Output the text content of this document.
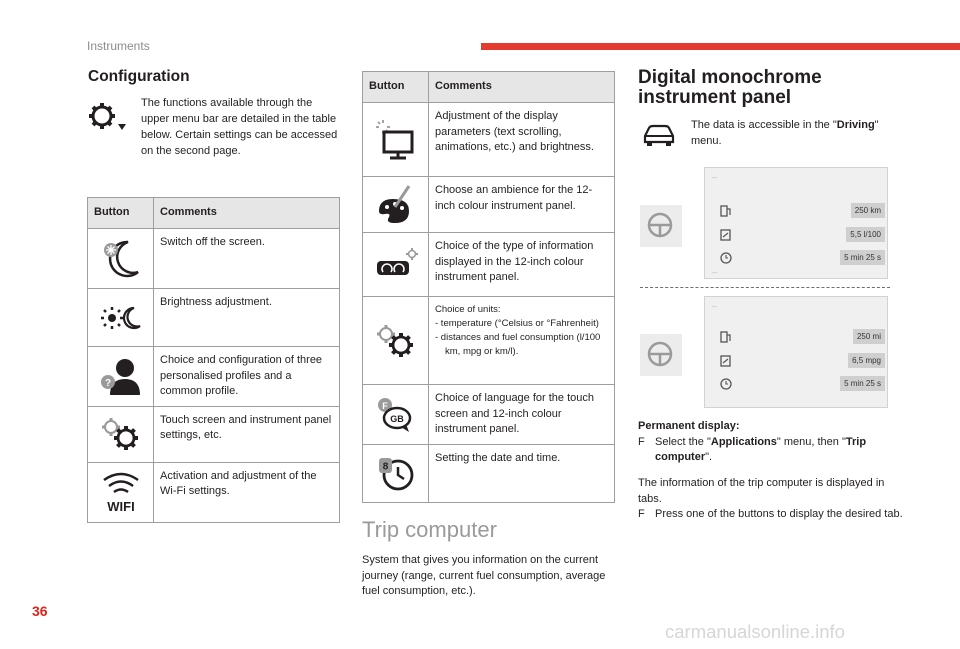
Instruments
Configuration
The functions available through the upper menu bar are detailed in the table below. Certain settings can be accessed on the second page.
Button	Comments
	Switch off the screen.
	Brightness adjustment.

?	Choice and configuration of three personalised profiles and a common profile.
	Touch screen and instrument panel settings, etc.

WIFI	Activation and adjustment of the Wi-Fi settings.
Button	Comments
	Adjustment of the display parameters (text scrolling, animations, etc.) and brightness.
	Choose an ambience for the 12-inch colour instrument panel.
	Choice of the type of information displayed in the 12-inch colour instrument panel.
	Choice of units:
- temperature (°Celsius or °Fahrenheit)
- distances and fuel consumption (l/100 km, mpg or km/l).

F
GB	Choice of language for the touch screen and 12-inch colour instrument panel.

8	Setting the date and time.
Trip computer
System that gives you information on the current journey (range, current fuel consumption, average fuel consumption, etc.).
Digital monochrome instrument panel
The data is accessible in the "Driving" menu.
←
250 km
5,5 l/100
5 min 25 s
←
←
250 mi
6,5 mpg
5 min 25 s
Permanent display:
F Select the "Applications" menu, then "Trip computer".
The information of the trip computer is displayed in tabs.
F Press one of the buttons to display the desired tab.
36
carmanualsonline.info
